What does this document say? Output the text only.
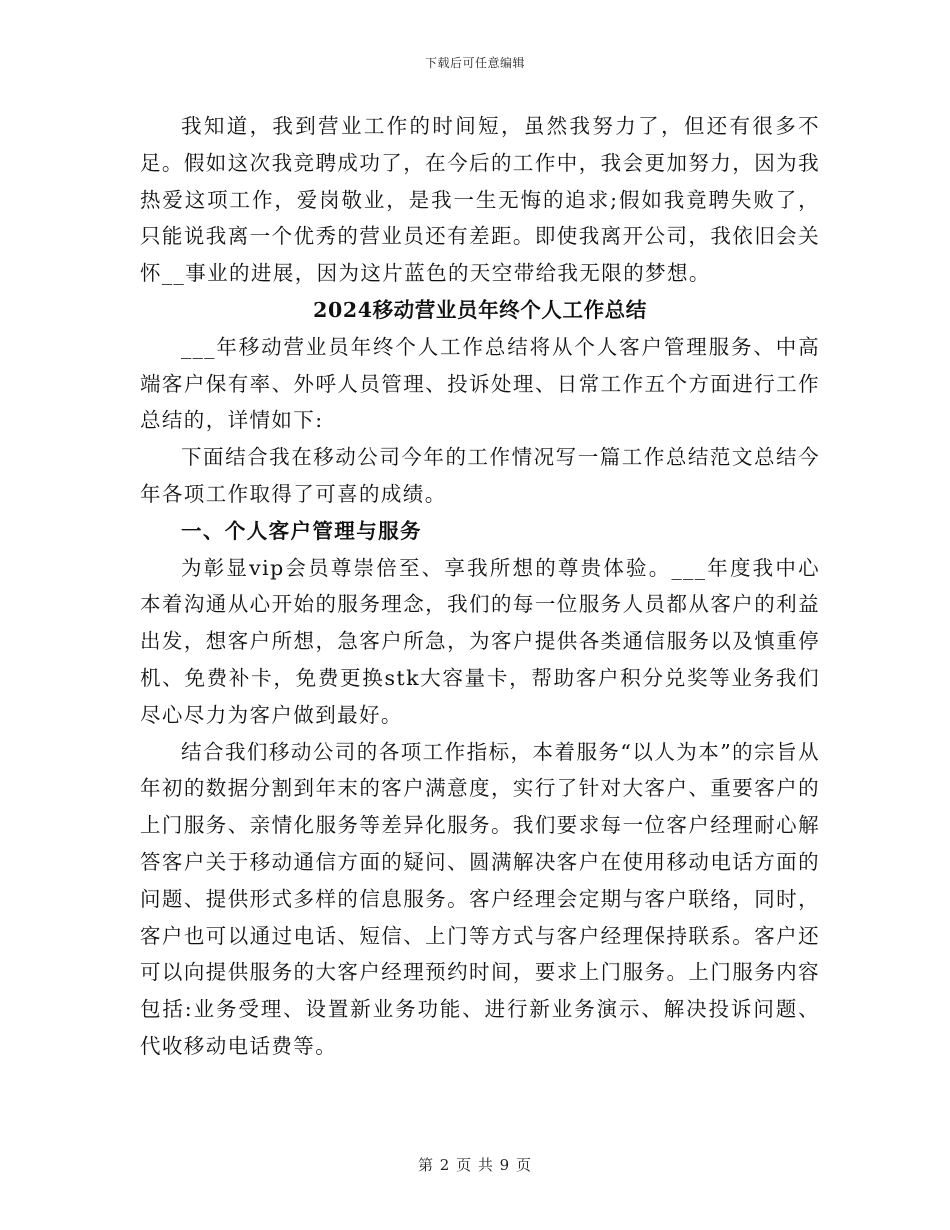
下载后可任意编辑

我知道，我到营业工作的时间短，虽然我努力了，但还有很多不足。假如这次我竞聘成功了，在今后的工作中，我会更加努力，因为我热爱这项工作，爱岗敬业，是我一生无悔的追求;假如我竟聘失败了，只能说我离一个优秀的营业员还有差距。即使我离开公司，我依旧会关怀__事业的进展，因为这片蓝色的天空带给我无限的梦想。

2024移动营业员年终个人工作总结

___年移动营业员年终个人工作总结将从个人客户管理服务、中高端客户保有率、外呼人员管理、投诉处理、日常工作五个方面进行工作总结的，详情如下:

下面结合我在移动公司今年的工作情况写一篇工作总结范文总结今年各项工作取得了可喜的成绩。

一、个人客户管理与服务

为彰显vip会员尊崇倍至、享我所想的尊贵体验。___年度我中心本着沟通从心开始的服务理念，我们的每一位服务人员都从客户的利益出发，想客户所想，急客户所急，为客户提供各类通信服务以及慎重停机、免费补卡，免费更换stk大容量卡，帮助客户积分兑奖等业务我们尽心尽力为客户做到最好。

结合我们移动公司的各项工作指标，本着服务“以人为本”的宗旨从年初的数据分割到年末的客户满意度，实行了针对大客户、重要客户的上门服务、亲情化服务等差异化服务。我们要求每一位客户经理耐心解答客户关于移动通信方面的疑问、圆满解决客户在使用移动电话方面的问题、提供形式多样的信息服务。客户经理会定期与客户联络，同时，客户也可以通过电话、短信、上门等方式与客户经理保持联系。客户还可以向提供服务的大客户经理预约时间，要求上门服务。上门服务内容包括:业务受理、设置新业务功能、进行新业务演示、解决投诉问题、代收移动电话费等。

第 2 页 共 9 页
